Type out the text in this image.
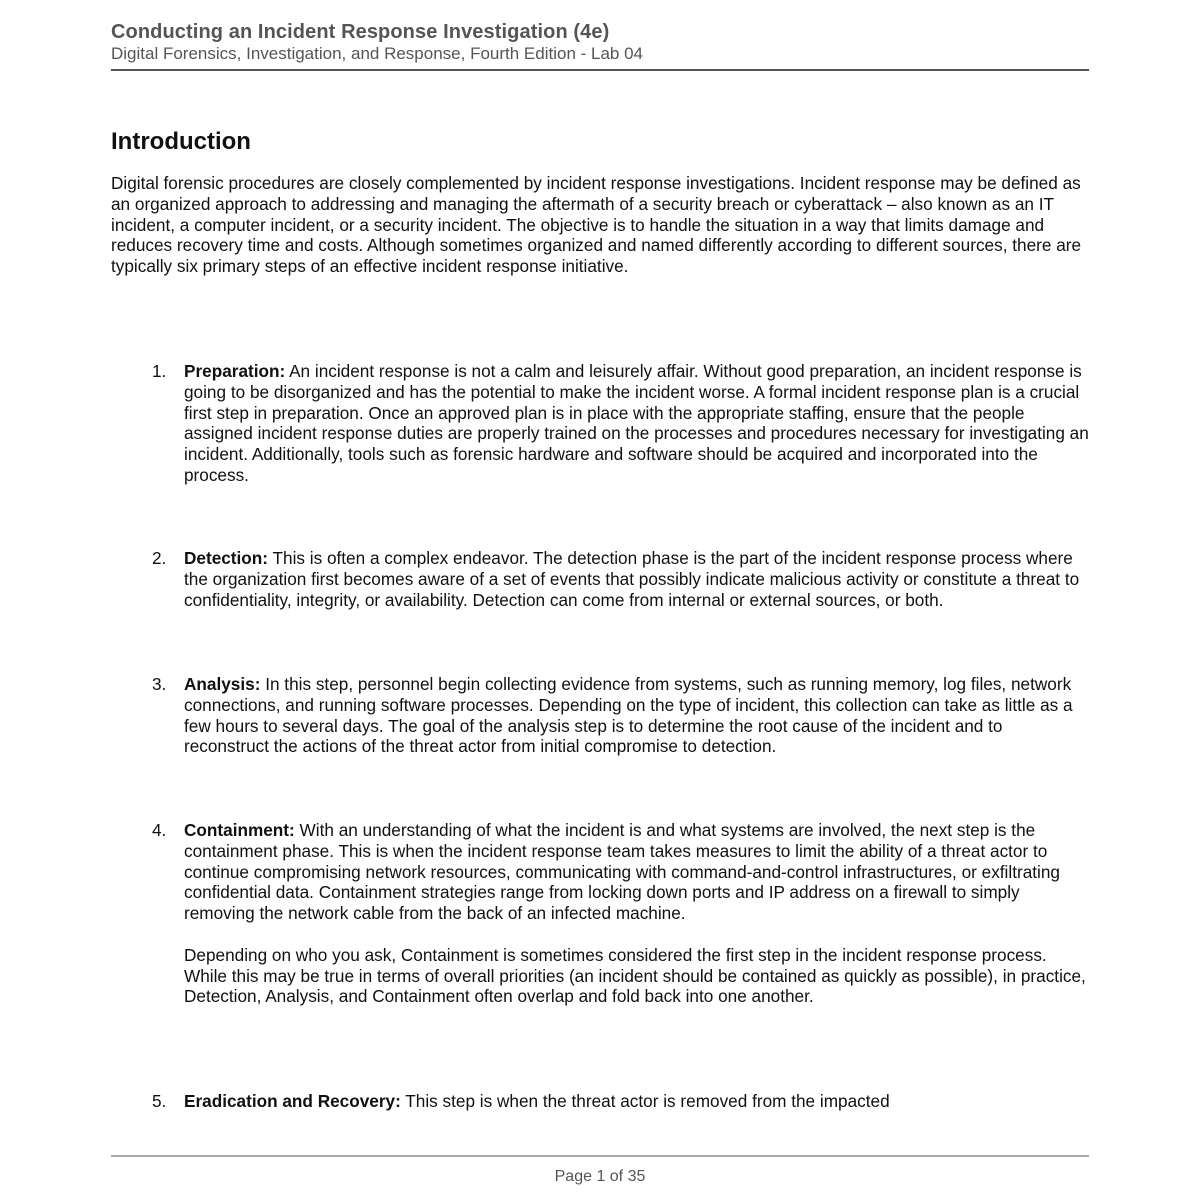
Conducting an Incident Response Investigation (4e)
Digital Forensics, Investigation, and Response, Fourth Edition - Lab 04
Introduction

Digital forensic procedures are closely complemented by incident response investigations. Incident response may be defined as an organized approach to addressing and managing the aftermath of a security breach or cyberattack – also known as an IT incident, a computer incident, or a security incident. The objective is to handle the situation in a way that limits damage and reduces recovery time and costs. Although sometimes organized and named differently according to different sources, there are typically six primary steps of an effective incident response initiative.

1.	Preparation: An incident response is not a calm and leisurely affair. Without good preparation, an incident response is going to be disorganized and has the potential to make the incident worse. A formal incident response plan is a crucial first step in preparation. Once an approved plan is in place with the appropriate staffing, ensure that the people assigned incident response duties are properly trained on the processes and procedures necessary for investigating an incident. Additionally, tools such as forensic hardware and software should be acquired and incorporated into the process.
2.	Detection: This is often a complex endeavor. The detection phase is the part of the incident response process where the organization first becomes aware of a set of events that possibly indicate malicious activity or constitute a threat to confidentiality, integrity, or availability. Detection can come from internal or external sources, or both.
3.	Analysis: In this step, personnel begin collecting evidence from systems, such as running memory, log files, network connections, and running software processes. Depending on the type of incident, this collection can take as little as a few hours to several days. The goal of the analysis step is to determine the root cause of the incident and to reconstruct the actions of the threat actor from initial compromise to detection.
4.	Containment: With an understanding of what the incident is and what systems are involved, the next step is the containment phase. This is when the incident response team takes measures to limit the ability of a threat actor to continue compromising network resources, communicating with command-and-control infrastructures, or exfiltrating confidential data. Containment strategies range from locking down ports and IP address on a firewall to simply removing the network cable from the back of an infected machine.
Depending on who you ask, Containment is sometimes considered the first step in the incident response process. While this may be true in terms of overall priorities (an incident should be contained as quickly as possible), in practice, Detection, Analysis, and Containment often overlap and fold back into one another.
5.	Eradication and Recovery: This step is when the threat actor is removed from the impacted
Page 1 of 35
